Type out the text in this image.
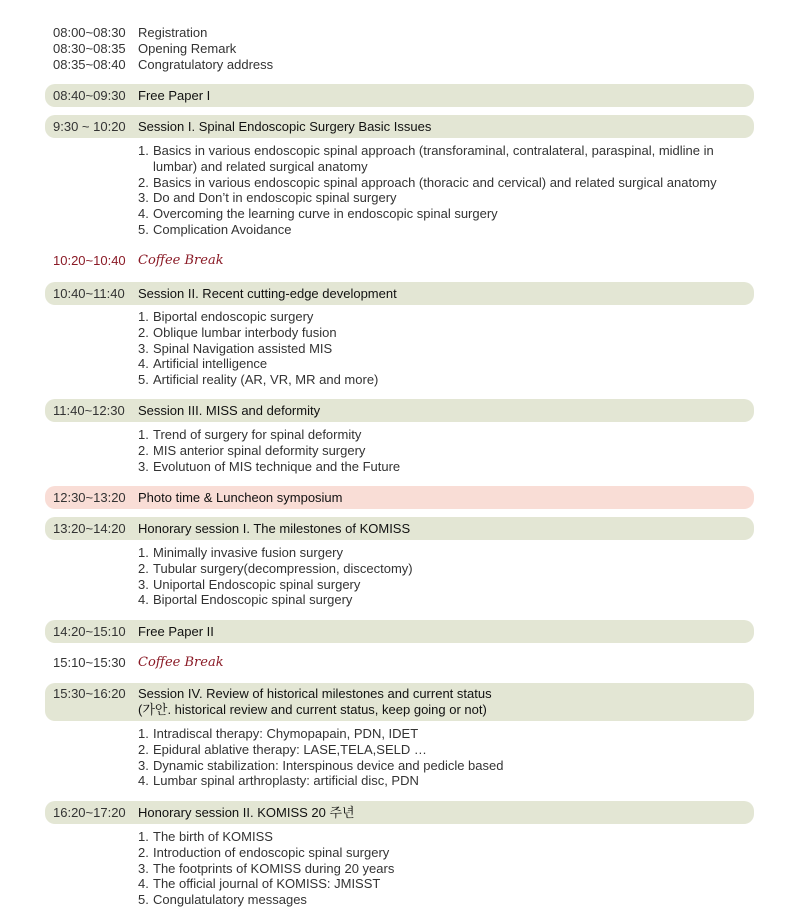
08:00~08:30 Registration
08:30~08:35 Opening Remark
08:35~08:40 Congratulatory address
08:40~09:30 Free Paper I
9:30 ~ 10:20 Session I. Spinal Endoscopic Surgery Basic Issues
1. Basics in various endoscopic spinal approach (transforaminal, contralateral, paraspinal, midline in lumbar) and related surgical anatomy
2. Basics in various endoscopic spinal approach (thoracic and cervical) and related surgical anatomy
3. Do and Don’t in endoscopic spinal surgery
4. Overcoming the learning curve in endoscopic spinal surgery
5. Complication Avoidance
10:20~10:40 Coffee Break
10:40~11:40 Session II. Recent cutting-edge development
1. Biportal endoscopic surgery
2. Oblique lumbar interbody fusion
3. Spinal Navigation assisted MIS
4. Artificial intelligence
5. Artificial reality (AR, VR, MR and more)
11:40~12:30 Session III. MISS and deformity
1. Trend of surgery for spinal deformity
2. MIS anterior spinal deformity surgery
3. Evolutuon of MIS technique and the Future
12:30~13:20 Photo time & Luncheon symposium
13:20~14:20 Honorary session I. The milestones of KOMISS
1. Minimally invasive fusion surgery
2. Tubular surgery(decompression, discectomy)
3. Uniportal Endoscopic spinal surgery
4. Biportal Endoscopic spinal surgery
14:20~15:10 Free Paper II
15:10~15:30 Coffee Break
15:30~16:20 Session IV. Review of historical milestones and current status
(가안. historical review and current status, keep going or not)
1. Intradiscal therapy: Chymopapain, PDN, IDET
2. Epidural ablative therapy: LASE,TELA,SELD …
3. Dynamic stabilization: Interspinous device and pedicle based
4. Lumbar spinal arthroplasty: artificial disc, PDN
16:20~17:20 Honorary session II. KOMISS 20 주년
1. The birth of KOMISS
2. Introduction of endoscopic spinal surgery
3. The footprints of KOMISS during 20 years
4. The official journal of KOMISS: JMISST
5. Congulatulatory messages
